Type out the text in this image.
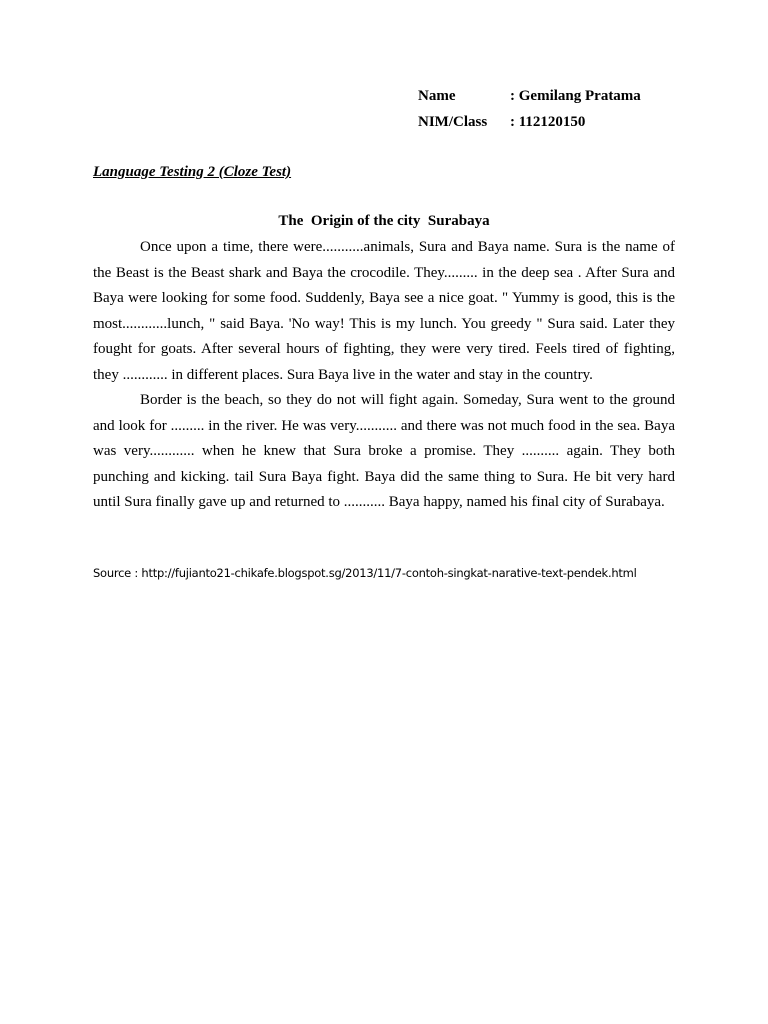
Name	: Gemilang Pratama
NIM/Class	: 112120150
Language Testing 2 (Cloze Test)
The  Origin of the city  Surabaya

Once upon a time, there were...........animals, Sura and Baya name. Sura is the name of the Beast is the Beast shark and Baya the crocodile. They......... in the deep sea . After Sura and Baya were looking for some food. Suddenly, Baya see a nice goat. " Yummy is good, this is the most............lunch, " said Baya. 'No way! This is my lunch. You greedy " Sura said. Later they fought for goats. After several hours of fighting, they were very tired. Feels tired of fighting, they ............ in different places. Sura Baya live in the water and stay in the country.

Border is the beach, so they do not will fight again. Someday, Sura went to the ground and look for ......... in the river. He was very........... and there was not much food in the sea. Baya was very............ when he knew that Sura broke a promise. They .......... again. They both punching and kicking. tail Sura Baya fight. Baya did the same thing to Sura. He bit very hard until Sura finally gave up and returned to ........... Baya happy, named his final city of Surabaya.

Source : http://fujianto21-chikafe.blogspot.sg/2013/11/7-contoh-singkat-narative-text-pendek.html
